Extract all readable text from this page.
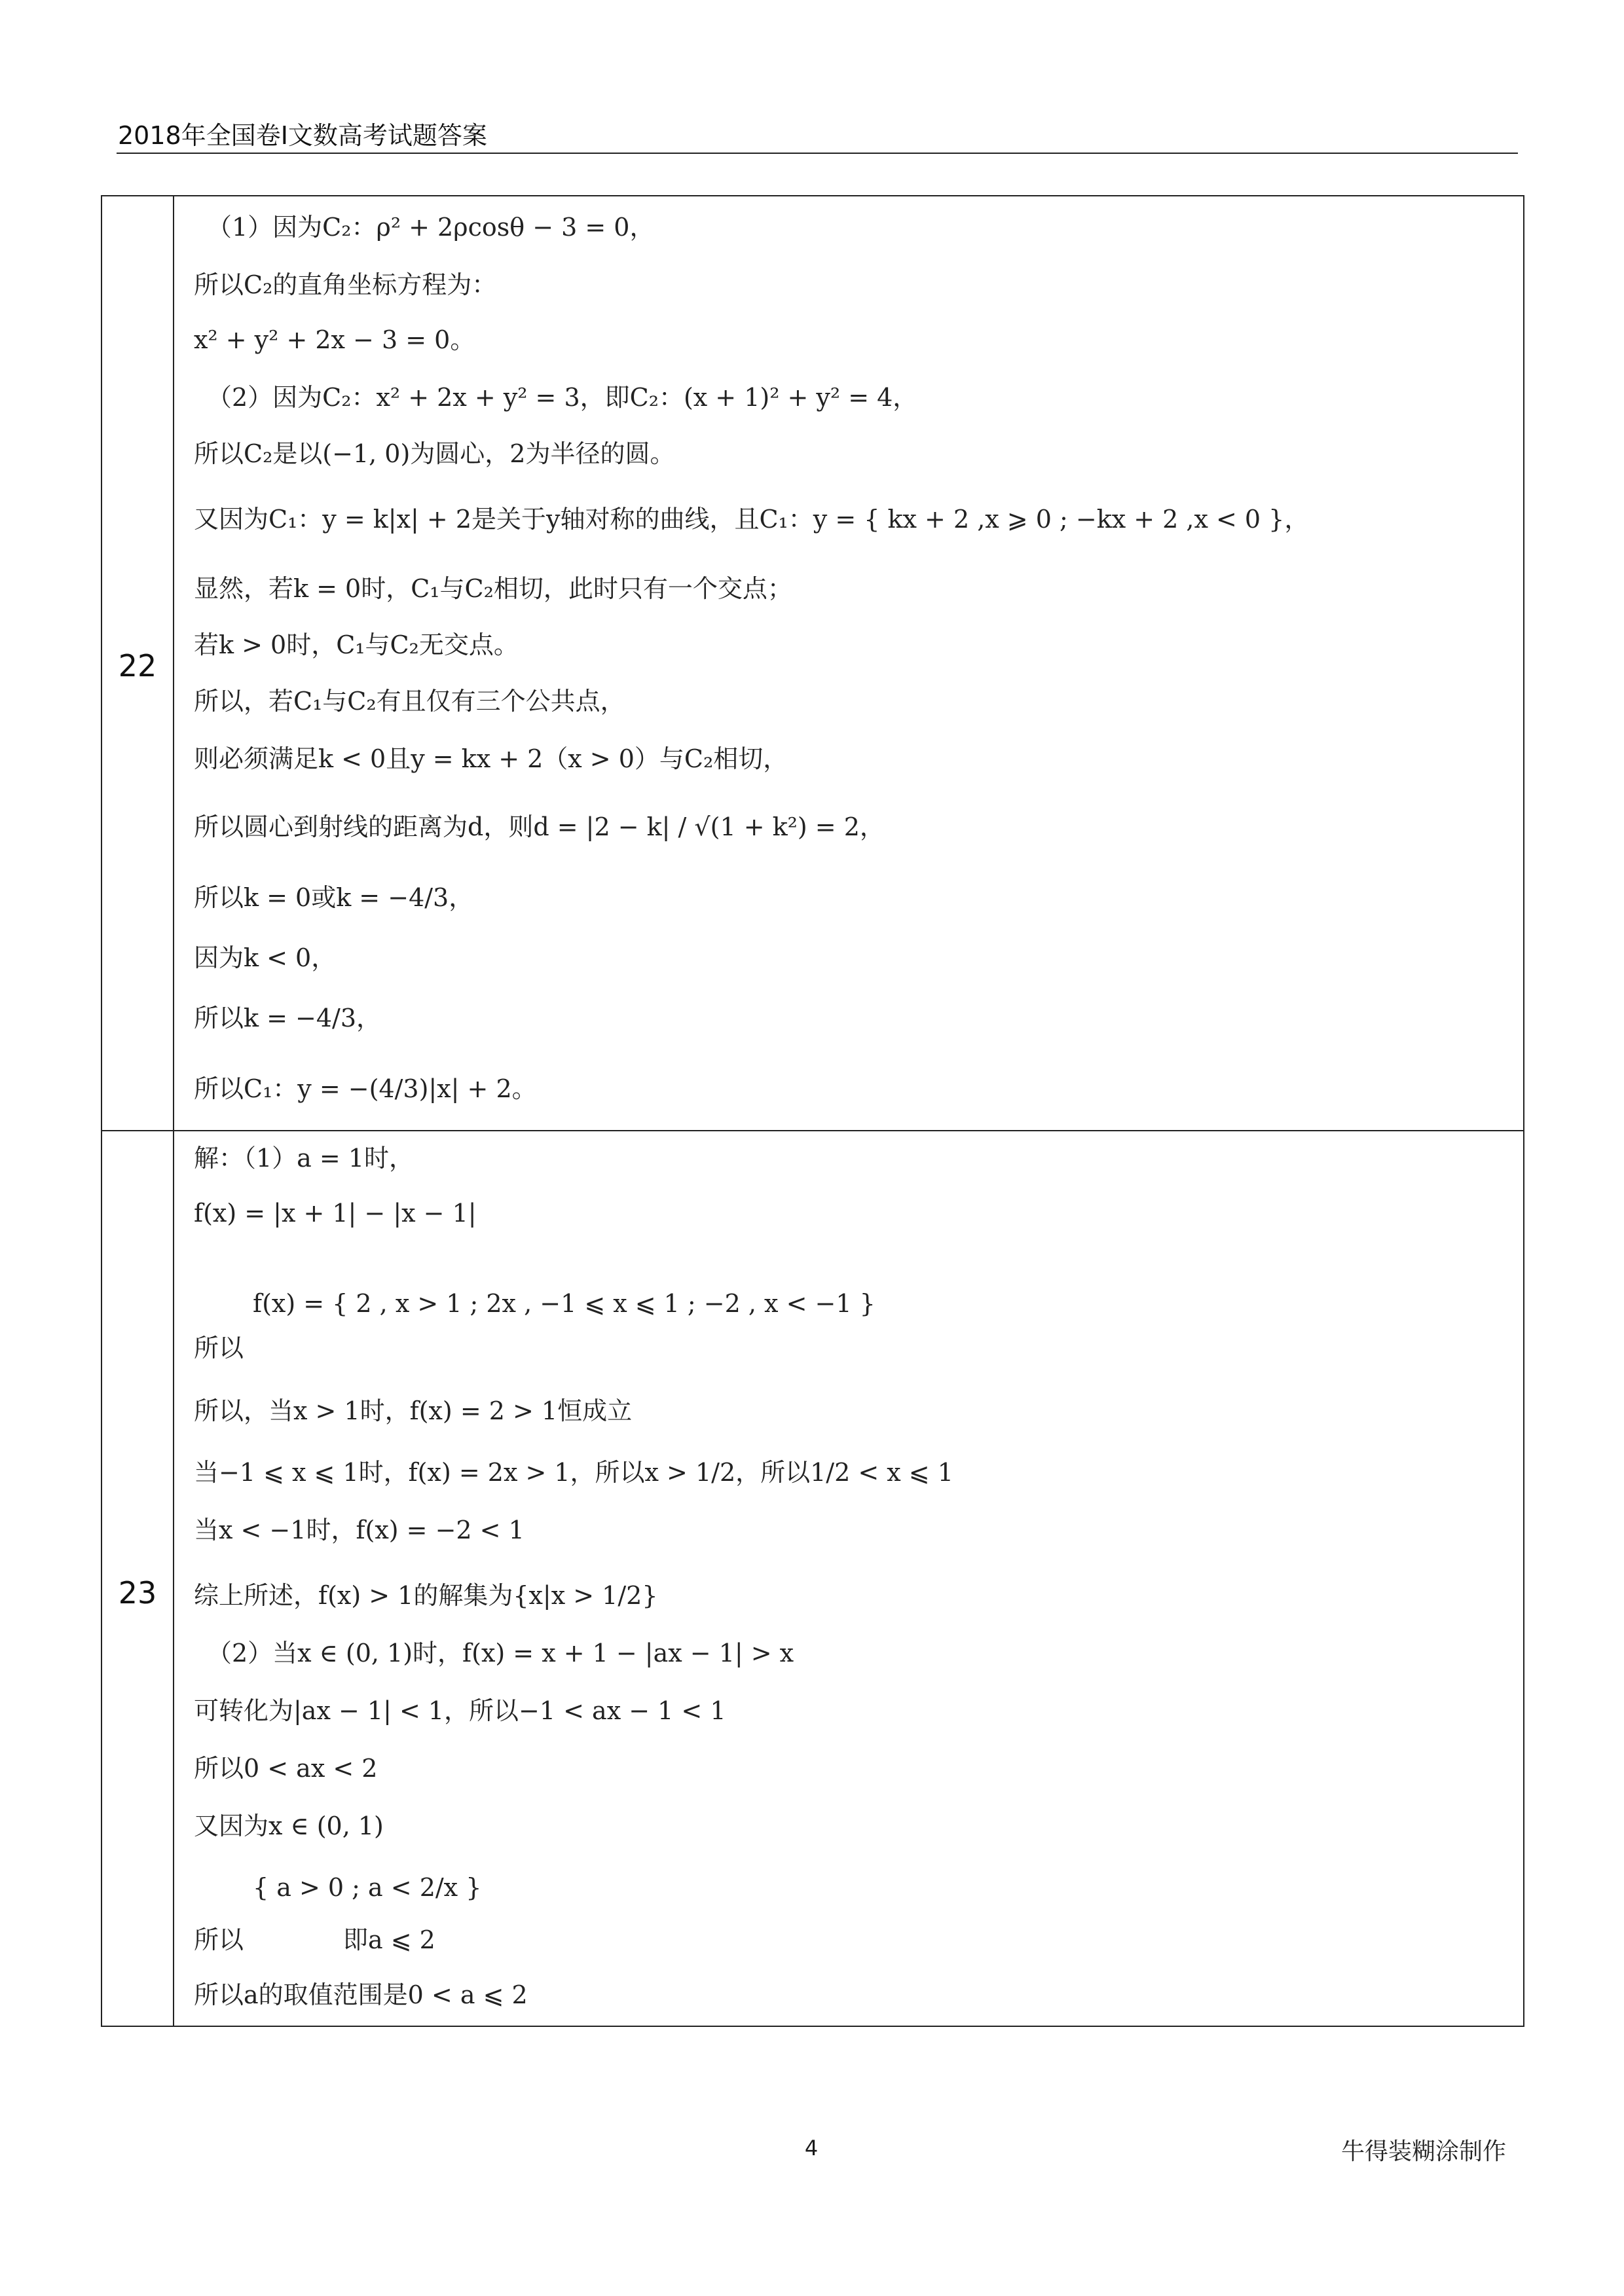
2018年全国卷Ⅰ文数高考试题答案
22
23
（1）因为C₂：ρ² + 2ρcosθ − 3 = 0，
所以C₂的直角坐标方程为：
x² + y² + 2x − 3 = 0。
（2）因为C₂：x² + 2x + y² = 3，即C₂：(x + 1)² + y² = 4，
所以C₂是以(−1, 0)为圆心，2为半径的圆。
又因为C₁：y = k|x| + 2是关于y轴对称的曲线，且C₁：y = { kx + 2 ,x ⩾ 0 ; −kx + 2 ,x < 0 }，
显然，若k = 0时，C₁与C₂相切，此时只有一个交点；
若k > 0时，C₁与C₂无交点。
所以，若C₁与C₂有且仅有三个公共点，
则必须满足k < 0且y = kx + 2（x > 0）与C₂相切，
所以圆心到射线的距离为d，则d = |2 − k| / √(1 + k²) = 2，
所以k = 0或k = −4/3，
因为k < 0，
所以k = −4/3，
所以C₁：y = −(4/3)|x| + 2。
解：（1）a = 1时，
f(x) = |x + 1| − |x − 1|
f(x) = { 2 , x > 1 ; 2x , −1 ⩽ x ⩽ 1 ; −2 , x < −1 }
所以
所以，当x > 1时，f(x) = 2 > 1恒成立
当−1 ⩽ x ⩽ 1时，f(x) = 2x > 1，所以x > 1/2，所以1/2 < x ⩽ 1
当x < −1时，f(x) = −2 < 1
综上所述，f(x) > 1的解集为{x|x > 1/2}
（2）当x ∈ (0, 1)时，f(x) = x + 1 − |ax − 1| > x
可转化为|ax − 1| < 1，所以−1 < ax − 1 < 1
所以0 < ax < 2
又因为x ∈ (0, 1)
{ a > 0 ; a < 2/x }
所以　　　　即a ⩽ 2
所以a的取值范围是0 < a ⩽ 2
4	牛得装糊涂制作
